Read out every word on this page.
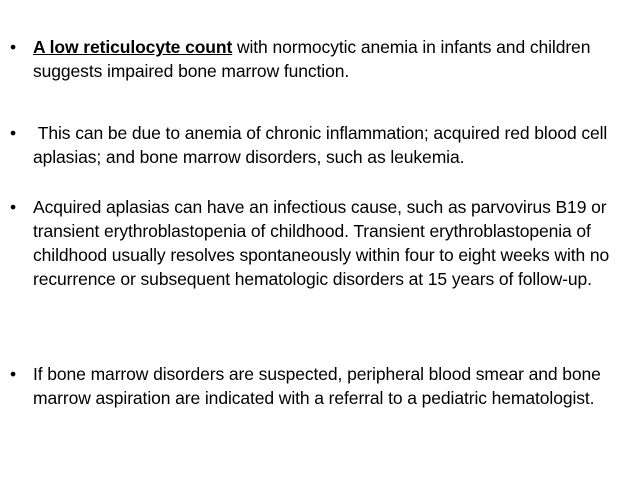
• A low reticulocyte count with normocytic anemia in infants and children suggests impaired bone marrow function.
• This can be due to anemia of chronic inflammation; acquired red blood cell aplasias; and bone marrow disorders, such as leukemia.
• Acquired aplasias can have an infectious cause, such as parvovirus B19 or transient erythroblastopenia of childhood. Transient erythroblastopenia of childhood usually resolves spontaneously within four to eight weeks with no recurrence or subsequent hematologic disorders at 15 years of follow-up.
• If bone marrow disorders are suspected, peripheral blood smear and bone marrow aspiration are indicated with a referral to a pediatric hematologist.
